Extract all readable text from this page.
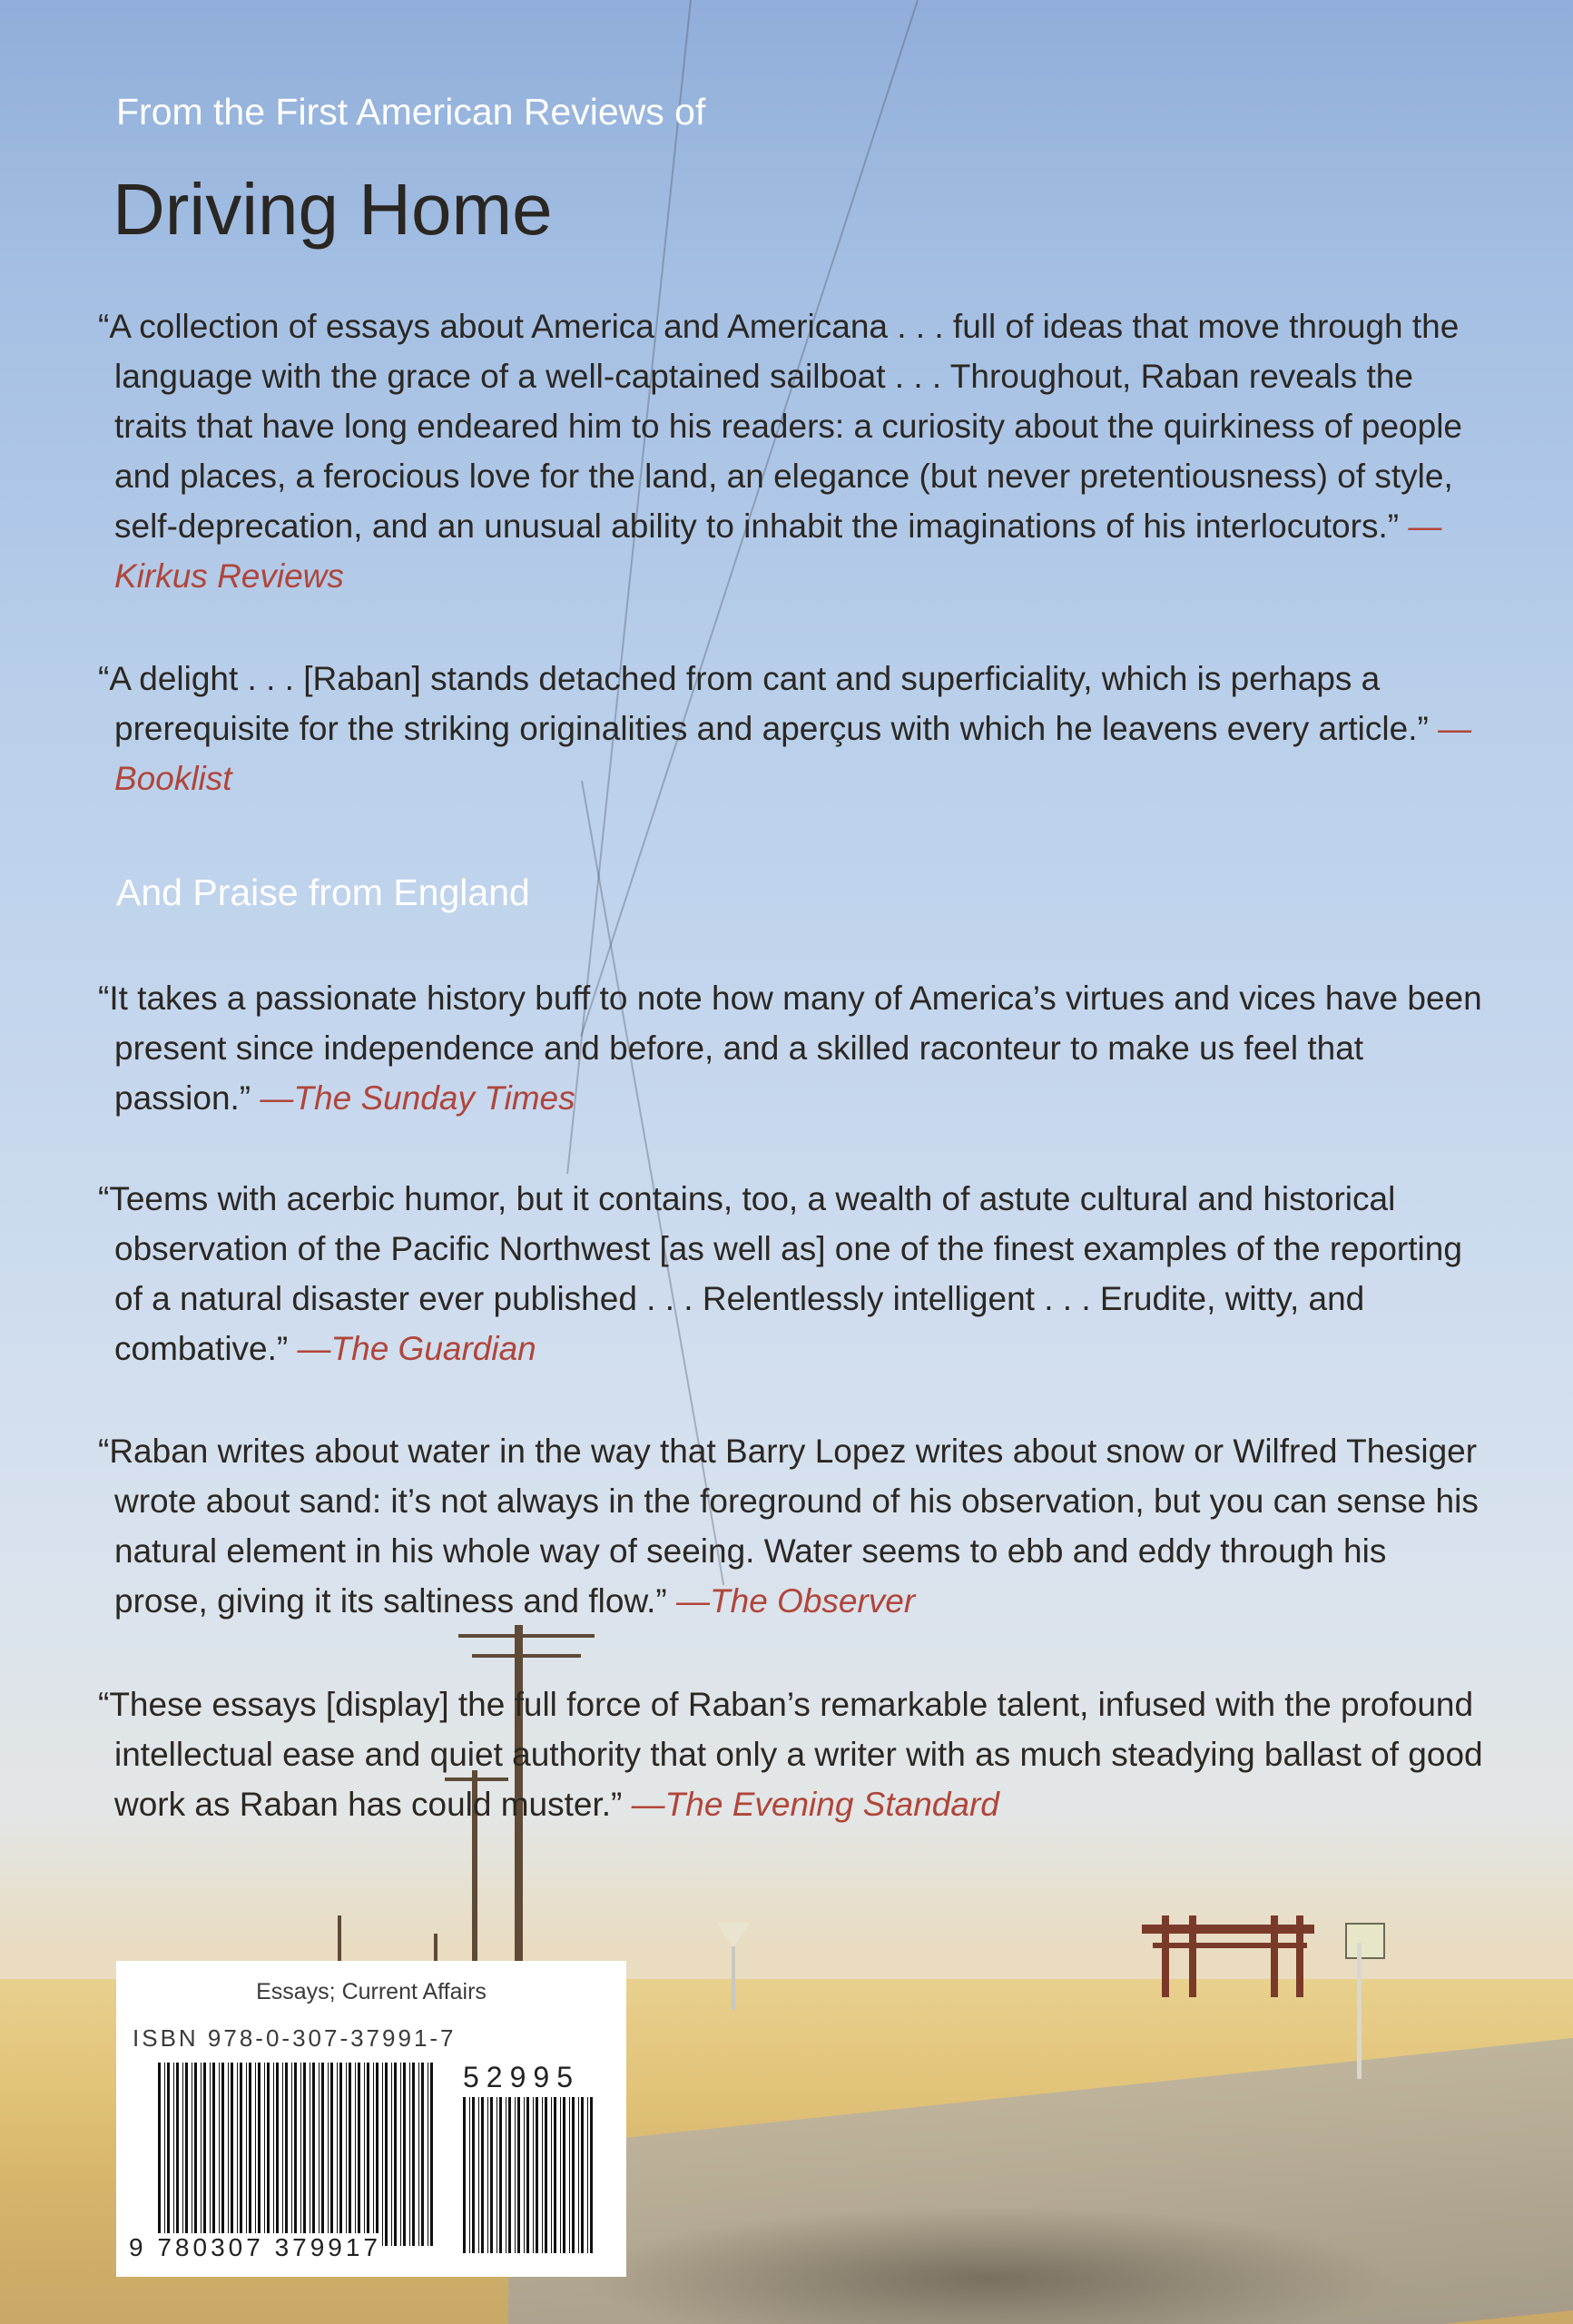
From the First American Reviews of
Driving Home
“A collection of essays about America and Americana . . . full of ideas that move through the language with the grace of a well-captained sailboat . . . Throughout, Raban reveals the traits that have long endeared him to his readers: a curiosity about the quirkiness of people and places, a ferocious love for the land, an elegance (but never pretentiousness) of style, self-deprecation, and an unusual ability to inhabit the imaginations of his interlocutors.” —Kirkus Reviews
“A delight . . . [Raban] stands detached from cant and superficiality, which is perhaps a prerequisite for the striking originalities and aperçus with which he leavens every article.” —Booklist
And Praise from England
“It takes a passionate history buff to note how many of America’s virtues and vices have been present since independence and before, and a skilled raconteur to make us feel that passion.” —The Sunday Times
“Teems with acerbic humor, but it contains, too, a wealth of astute cultural and historical observation of the Pacific Northwest [as well as] one of the finest examples of the reporting of a natural disaster ever published . . . Relentlessly intelligent . . . Erudite, witty, and combative.” —The Guardian
“Raban writes about water in the way that Barry Lopez writes about snow or Wilfred Thesiger wrote about sand: it’s not always in the foreground of his observation, but you can sense his natural element in his whole way of seeing. Water seems to ebb and eddy through his prose, giving it its saltiness and flow.” —The Observer
“These essays [display] the full force of Raban’s remarkable talent, infused with the profound intellectual ease and quiet authority that only a writer with as much steadying ballast of good work as Raban has could muster.” —The Evening Standard
Essays; Current Affairs
ISBN 978-0-307-37991-7
52995
9 780307 379917
